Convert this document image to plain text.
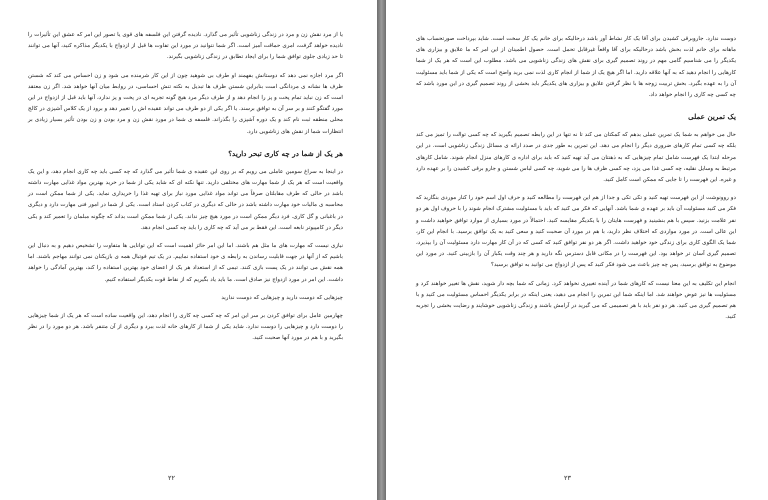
یا از مرد نقش زن و مرد در زندگی زناشویی تأثیر می گذارد. نادیده گرفتن این فلسفه های قوی یا تصور این امر که عشق این تأثیرات را نادیده خواهد گرفت، امری حماقت آمیز است. اگر شما نتوانید در مورد این تفاوت ها قبل از ازدواج با یکدیگر مذاکره کنید، آنها می توانند تا حد زیادی جلوی توافق شما را برای ایجاد تطابق در زندگی زناشویی بگیرند.

اگر مرد اجازه نمی دهد که دوستانش بفهمند او طرف بی شوهید چون از این کار شرمنده می شود و زن احساس می کند که شستن ظرف ها نشانه ی مردانگی است بنابراین شستن ظرف ها تبدیل به نکته تنش احساسی، در روابط میان آنها خواهد شد. اگر زن معتقد است که زن نباید تمام پخت و پز را انجام دهد و از طرف دیگر مرد هیچ گونه تجربه ای در پخت و پز ندارد، آنها باید قبل از ازدواج در این مورد گفتگو کنند و بر سر آن به توافق برسند. یا اگر یکی از دو طرف می تواند عقیده اش را تغییر دهد و برود از یک کلاس آشپزی در کالج محلی منطقه ثبت نام کند و یک دوره آشپزی را بگذراند. فلسفه ی شما در مورد نقش زن و مرد بودن و زن بودن تأثیر بسیار زیادی بر انتظارات شما از نقش های زناشویی دارد.

هر یک از شما در چه کاری تبحر دارید؟

در اینجا به سراغ سومین عاملی می رویم که بر روی این عقیده ی شما تأثیر می گذارد که چه کسی باید چه کاری انجام دهد، و این یک واقعیت است که هر یک از شما مهارت های مختلفی دارید. تنها نکته ای که شاید یکی از شما در خرید بهترین مواد غذایی مهارت داشته باشد در حالی که طرف مقابلتان صرفاً می تواند مواد غذایی مورد نیاز برای تهیه غذا را خریداری نماید. یکی از شما ممکن است در محاسبه ی مالیات خود مهارت داشته باشد در حالی که دیگری در کتاب کردن استاد است. یکی از شما در امور فنی مهارت دارد و دیگری در باغبانی و گل کاری. فرد دیگر ممکن است در مورد هیچ چیز نداند. یکی از شما ممکن است بداند که چگونه مبلمان را تعمیر کند و یکی دیگر در کامپیوتر نابغه است. این فقط بر می آید که چه کاری را باید چه کسی انجام دهد.

نیازی نیست که مهارت های ما مثل هم باشند. اما این امر حائز اهمیت است که این توانایی ها متفاوت را تشخیص دهیم و به دنبال این باشیم که از آنها در جهت قابلیت رساندن به رابطه ی خود استفاده نماییم. در یک تیم فوتبال همه ی بازیکنان نمی توانند مهاجم باشند. اما همه نقش می توانند در یک پست بازی کنند. تیمی که از استعداد هر یک از اعضای خود بهترین استفاده را کند، بهترین آمادگی را خواهد داشت. این امر در مورد ازدواج نیز صادق است. ما باید یاد بگیریم که از نقاط قوت یکدیگر استفاده کنیم.

چیزهایی که دوست دارید و چیزهایی که دوست ندارید

چهارمین عامل برای توافق کردن بر سر این امر که چه کسی چه کاری را انجام دهد، این واقعیت ساده است که هر یک از شما چیزهایی را دوست دارد و چیزهایی را دوست ندارد. شاید یکی از شما از کارهای خانه لذت ببرد و دیگری از آن متنفر باشد. هر دو مورد را در نظر بگیرید و با هم در مورد آنها صحبت کنید.

۲۲

دوست ندارد. جاروبرقی کشیدن برای آقا یک کار نشاط آور باشد درحالیکه برای خانم یک کار سخت است. شاید بپرداخت صورتحساب های ماهانه برای خانم لذت بخش باشد درحالیکه برای آقا واقعاً غیرقابل تحمل است. حصول اطمینان از این امر که ما علایق و بیزاری های یکدیگر را می شناسیم گامی مهم در روند تصمیم گیری برای نقش های زندگی زناشویی می باشد. مطلوب این است که هر یک از شما کارهایی را انجام دهید که به آنها علاقه دارید. اما اگر هیچ یک از شما از انجام کاری لذت نمی برید واضح است که یکی از شما باید مسئولیت آن را به عهده بگیرد. بخش تربیت زوجه ها با نظر گرفتن علایق و بیزاری های یکدیگر باید بخشی از روند تصمیم گیری در این مورد باشد که چه کسی چه کاری را انجام خواهد داد.

یک تمرین عملی

حال می خواهم به شما یک تمرین عملی بدهم که کمکتان می کند تا نه تنها در این رابطه تصمیم بگیرید که چه کسی توالت را تمیز می کند بلکه چه کسی تمام کارهای ضروری دیگر را انجام می دهد. این تمرین به طور جدی در صدد ارائه ی مسائل زندگی زناشویی است. در این مرحله ابتدا یک فهرست شامل تمام چیزهایی که به ذهنتان می آید تهیه کنید که باید برای اداره ی کارهای منزل انجام شوند. شامل کارهای مرتبط به وسایل نقلیه، چه کسی غذا می پزد، چه کسی ظرف ها را می شوید، چه کسی لباس شستن و جارو برقی کشیدن را بر عهده دارد و غیره. این فهرست را تا جایی که ممکن است کامل کنید.

دو روونوشت از این فهرست تهیه کنید و تکی تکی و جدا از هم این فهرست را مطالعه کنید و حرف اول اسم خود را کنار موردی بنگارید که فکر می کنید مسئولیت آن باید بر عهده ی شما باشد. آنهایی که فکر می کنید که باید با مسئولیت مشترک انجام شوند را با حروف اول هر دو نفر علامت بزنید. سپس با هم بنشینید و فهرست هایتان را با یکدیگر مقایسه کنید. احتمالاً در مورد بسیاری از موارد توافق خواهید داشت و این عالی است. در مورد مواردی که اختلاف نظر دارید، با هم در مورد آن صحبت کنید و سعی کنید به یک توافق برسید. با انجام این کار، شما یک الگوی کاری برای زندگی خود خواهید داشت. اگر هر دو نفر توافق کنید که کسی که در آن کار مهارت دارد مسئولیت آن را بپذیرد، تصمیم گیری آسان تر خواهد بود. این فهرست را در مکانی قابل دسترس نگه دارید و هر چند وقت یکبار آن را بازبینی کنید. در مورد این موضوع به توافق برسید، پس چه چیز باعث می شود فکر کنید که پس از ازدواج می توانید به توافق برسید؟

انجام این تکلیف به این معنا نیست که کارهای شما در آینده تغییری نخواهد کرد. زمانی که شما بچه دار شوید، نقش ها تغییر خواهند کرد و مسئولیت ها نیز عوض خواهند شد. اما اینکه شما این تمرین را انجام می دهید، یعنی اینکه در برابر یکدیگر احساس مسئولیت می کنید و با هم تصمیم گیری می کنید. هر دو نفر باید با هر تصمیمی که می گیرید در آرامش باشند و زندگی زناشویی خوشایند و رضایت بخشی را تجربه کنید.

۲۳
